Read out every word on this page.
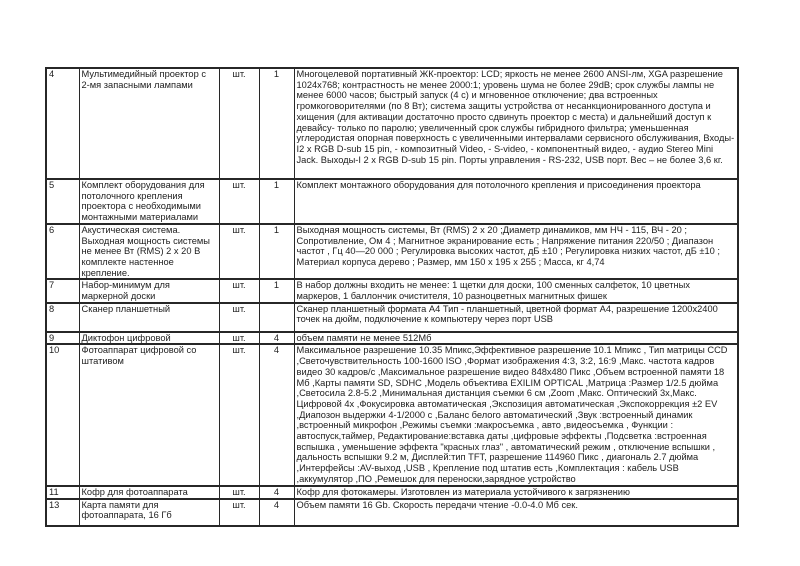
4	Мультимедийный проектор с 2-мя запасными лампами	шт.	1	Многоцелевой портативный ЖК-проектор: LCD; яркость не менее 2600 ANSI-лм, XGA разрешение 1024х768; контрастность не менее 2000:1; уровень шума не более 29dB; срок службы лампы не менее 6000 часов; быстрый запуск (4 с) и мгновенное отключение; два встроенных громкоговорителями (по 8 Вт); система защиты устройства от несанкционированного доступа и хищения (для активации достаточно просто сдвинуть проектор с места) и дальнейший доступ к девайсу- только по паролю; увеличенный срок службы гибридного фильтра; уменьшенная углеродистая опорная поверхность с увеличенными интервалами сервисного обслуживания, Входы-I2 x RGB D-sub 15 pin, - композитный Video, - S-video, - компонентный видео, - аудио Stereo Mini Jack. Выходы-I 2 x RGB D-sub 15 pin. Порты управления - RS-232, USB порт. Вес – не более 3,6 кг.
5	Комплект оборудования для потолочного крепления проектора с необходимыми монтажными материалами	шт.	1	Комплект монтажного оборудования для потолочного крепления и присоединения проектора
6	Акустическая система. Выходная мощность системы не менее Вт (RMS) 2 х 20 В комплекте настенное крепление.	шт.	1	Выходная мощность системы, Вт (RMS) 2 х 20 ;Диаметр динамиков, мм НЧ - 115, ВЧ - 20 ; Сопротивление, Ом 4 ; Магнитное экранирование есть ; Напряжение питания 220/50 ; Диапазон частот , Гц 40—20 000 ; Регулировка высоких частот, дБ ±10 ; Регулировка низких частот, дБ ±10 ; Материал корпуса дерево ; Размер, мм 150 х 195 х 255 ; Масса, кг 4,74
7	Набор-минимум для маркерной доски	шт.	1	В набор должны входить не менее: 1 щетки для доски, 100 сменных салфеток, 10 цветных маркеров, 1 баллончик очистителя, 10 разноцветных магнитных фишек
8	Сканер планшетный	шт.		Сканер планшетный формата А4 Тип - планшетный, цветной формат А4, разрешение 1200х2400 точек на дюйм, подключение к компьютеру через порт USB
9	Диктофон цифровой	шт.	4	объем памяти не менее 512Мб
10	Фотоаппарат цифровой со штативом	шт.	4	Максимальное разрешение 10.35 Мпикс,Эффективное разрешение 10.1 Мпикс , Тип матрицы CCD ,Светочувствительность 100-1600 ISO ,Формат изображения 4:3, 3:2, 16:9 ,Макс. частота кадров видео 30 кадров/с ,Максимальное разрешение видео 848х480 Пикс ,Объем встроенной памяти 18 Мб ,Карты памяти SD, SDHC ,Модель объектива EXILIM OPTICAL ,Матрица :Размер 1/2.5 дюйма ,Светосила 2.8-5.2 ,Минимальная дистанция съемки 6 см ,Zoom ,Макс. Оптический 3x,Макс. Цифровой 4x ,Фокусировка автоматическая ,Экспозиция автоматическая ,Экспокоррекция ±2 EV ,Диапозон выдержки 4-1/2000 с ,Баланс белого автоматический ,Звук :встроенный динамик ,встроенный микрофон ,Режимы съемки :макросъемка , авто ,видеосъемка , Функции : автоспуск,таймер, Редактирование:вставка даты ,цифровые эффекты ,Подсветка :встроенная вспышка , уменьшение эффекта "красных глаз" , автоматический режим , отключение вспышки , дальность вспышки 9.2 м, Дисплей:тип TFT, разрешение 114960 Пикс , диагональ 2.7 дюйма ,Интерфейсы :AV-выход ,USB , Крепление под штатив есть ,Комплектация : кабель USB ,аккумулятор ,ПО ,Ремешок для переноски,зарядное устройство
11	Кофр для фотоаппарата	шт.	4	Кофр для фотокамеры. Изготовлен из материала устойчивого к загрязнению
13	Карта памяти для фотоаппарата, 16 Гб	шт.	4	Объем памяти 16 Gb. Скорость передачи чтение -0.0-4.0 Мб сек.
